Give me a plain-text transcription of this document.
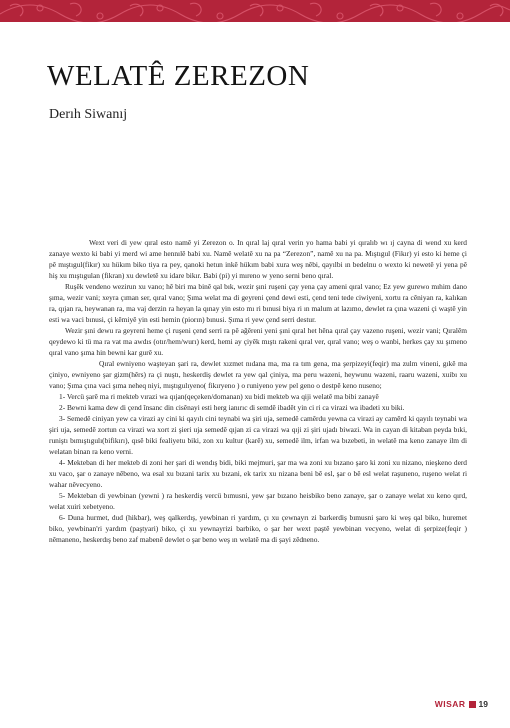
WELATÊ ZEREZON
Derıh Siwanıj

Wext veri di yew qıral esto namê yi Zerezon o. In qıral laj qıral verin yo hama babi yi qıralıb wı ıj cayna di wend xu kerd zanaye wexto ki babi yi merd wi ame hennılê babi xu. Namê welatê xu na pa “Zerezon”, namê xu na pa. Mıştıgul (Fikır) yi esto ki heme çi pê mıştıgul(fikır) xu hükım biko tiya ra pey, qanoki hetun inkê hükım babi xura weş nêbi, qayılbi ın bedelnu o wexto ki newetê yi yena pê hiş xu mıştıgulan (fikran) xu dewletê xu idare bikır. Babi (pi) yi mıreno w yeno serni beno qıral.

Ruşêk vendeno wezirun xu vano; hê biri ma binê qal bık, wezir şıni ruşeni çay yena çay ameni qıral vano; Ez yew gurewo mıhim dano şıma, wezir vani; xeyra çıman ser, qıral vano; Şıma welat ma di geyreni çend dewi esti, çend teni tede ciwiyeni, xortu ra cêniyan ra, kalıkan ra, qıjan ra, heywanan ra, ma vaj derzin ra heyan la qınay yin esto mı ri bınusi biya ri ın malum at lazımo, dewlet ra çına wazeni çi waştê yin esti wa vaci bınusi, çi kêmiyê yin esti hemin (piorın) bınusi. Şıma ri yew çend serri destur.

Wezir şıni dewu ra geyreni heme çi ruşeni çend serri ra pê ağêreni yeni şıni qıral het hêna qıral çay vazeno ruşeni, wezir vani; Qıralêm qeydewo ki tü ma ra vat ma awdıs (otır/hem/wurı) kerd, hemi ay çiyêk mıştı rakeni qıral ver, qıral vano; weş o wanbi, herkes çay xu şımeno qıral vano şıma hin bewni kar gurê xu.

Qıral ewniyeno waşteyan şari ra, dewlet xızmet nıdana ma, ma ra tım gena, ma şerpizeyi(feqir) ma zulm vineni, gıkê ma çiniyo, ewniyeno şar gizm(hêrs) ra çi nuştı, heskerdiş dewlet ra yew qal çiniya, ma peru wazeni, heywunu wazeni, raaru wazeni, xuibı xu vano; Şıma çına vaci şıma neheq niyi, mıştıgulıyeno( fikıryeno ) o runiyeno yew pel geno o destpê keno nuseno;

1- Vercü şarê ma ri mekteb vırazi wa qıjan(qeçeken/domanan) xu bidi mekteb wa qiji welatê ma bibi zanayê

2- Bewni kama dew di çend însanc din cisênayi esti herg ianırıc di semdê ibadêt yin ci ri ca virazi wa ibadeti xu biki.

3- Semedê ciniyan yew ca virazi ay cini ki qayılı cini teynabi wa şiri uja, semedê camêrdu yewna ca virazi ay camêrd ki qayılı teynabi wa şiri uja, semedê zortun ca virazi wa xort zi şieri uja semedê qıjan zi ca virazi wa qıji zi şiri ujadı biwazi. Wa in cayan di kitaban peyda bıki, runiştı bımıştıgulı(bifikırı), qısê biki fealiyetu biki, zon xu kultur (karê) xu, semedê ilm, irfan wa bızebeti, in welatê ma keno zanaye ilm di welatan binan ra keno verni.

4- Mekteban di her mekteb di zoni her şari di wendış bidi, biki mejmuri, şar ma wa zoni xu bızano şaro ki zoni xu nizano, nieşkeno derd xu vaco, şar o zanaye nêbeno, wa esal xu bızani tarix xu bızani, ek tarix xu nizana beni bê esl, şar o bê esl welat raşuneno, ruşeno welat ri wahar nêvecyeno.

5- Mekteban di yewbinan (yewni ) ra heskerdiş vercü bımusni, yew şar bızano heisbiko beno zanaye, şar o zanaye welat xu keno qırd, welat xuiri xebetyeno.

6- Duna hurmet, dud (hikbar), weş qalkerdış, yewbinan ri yardım, çı xu çewnayrı zi barkerdiş bımusni şaro ki weş qal biko, huremet biko, yewbinan'ri yardım (paştyari) biko, çi xu yewnayrizi barbiko, o şar her wext paştê yewbinan vecyeno, welat di şerpize(feqir ) nêmaneno, heskerdış beno zaf mabenê dewlet o şar beno weş ın welatê ma di şayi zêdneno.

WISAR 19
